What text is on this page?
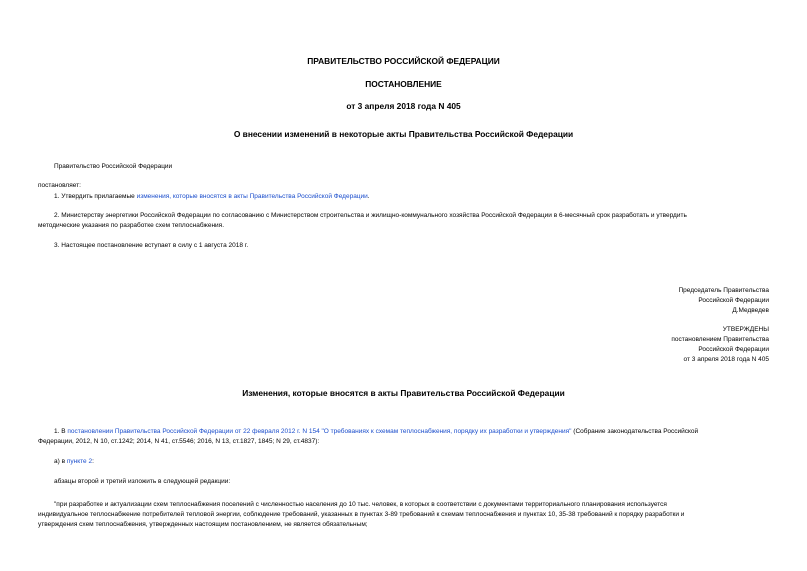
ПРАВИТЕЛЬСТВО РОССИЙСКОЙ ФЕДЕРАЦИИ
ПОСТАНОВЛЕНИЕ
от 3 апреля 2018 года N 405
О внесении изменений в некоторые акты Правительства Российской Федерации
Правительство Российской Федерации
постановляет:
1. Утвердить прилагаемые изменения, которые вносятся в акты Правительства Российской Федерации.
2. Министерству энергетики Российской Федерации по согласованию с Министерством строительства и жилищно-коммунального хозяйства Российской Федерации в 6-месячный срок разработать и утвердить
методические указания по разработке схем теплоснабжения.
3. Настоящее постановление вступает в силу с 1 августа 2018 г.
Председатель Правительства
Российской Федерации
Д.Медведев
УТВЕРЖДЕНЫ
постановлением Правительства
Российской Федерации
от 3 апреля 2018 года N 405
Изменения, которые вносятся в акты Правительства Российской Федерации
1. В постановлении Правительства Российской Федерации от 22 февраля 2012 г. N 154 "О требованиях к схемам теплоснабжения, порядку их разработки и утверждения" (Собрание законодательства Российской
Федерации, 2012, N 10, ст.1242; 2014, N 41, ст.5546; 2016, N 13, ст.1827, 1845; N 29, ст.4837):
а) в пункте 2:
абзацы второй и третий изложить в следующей редакции:
"при разработке и актуализации схем теплоснабжения поселений с численностью населения до 10 тыс. человек, в которых в соответствии с документами территориального планирования используется
индивидуальное теплоснабжение потребителей тепловой энергии, соблюдение требований, указанных в пунктах 3-89 требований к схемам теплоснабжения и пунктах 10, 35-38 требований к порядку разработки и
утверждения схем теплоснабжения, утвержденных настоящим постановлением, не является обязательным;
